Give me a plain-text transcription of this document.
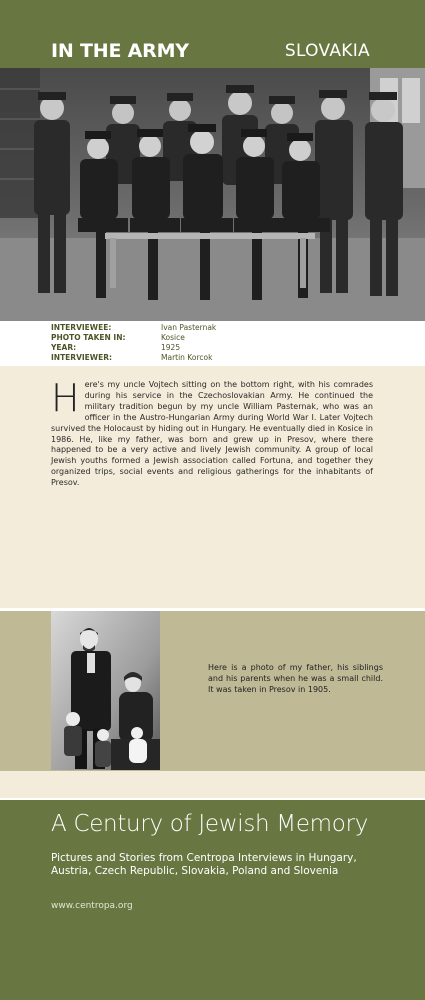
IN THE ARMY	SLOVAKIA
INTERVIEWEE:	Ivan Pasternak
PHOTO TAKEN IN:	Kosice
YEAR:	1925
INTERVIEWER:	Martin Korcok
Here's my uncle Vojtech sitting on the bottom right, with his comrades during his service in the Czechoslovakian Army. He continued the military tradition begun by my uncle William Pasternak, who was an officer in the Austro-Hungarian Army during World War I. Later Vojtech survived the Holocaust by hiding out in Hungary. He eventually died in Kosice in 1986. He, like my father, was born and grew up in Presov, where there happened to be a very active and lively Jewish community. A group of local Jewish youths formed a Jewish association called Fortuna, and together they organized trips, social events and religious gatherings for the inhabitants of Presov.
Here is a photo of my father, his siblings and his parents when he was a small child. It was taken in Presov in 1905.
A Century of Jewish Memory
Pictures and Stories from Centropa Interviews in Hungary, Austria, Czech Republic, Slovakia, Poland and Slovenia
www.centropa.org
